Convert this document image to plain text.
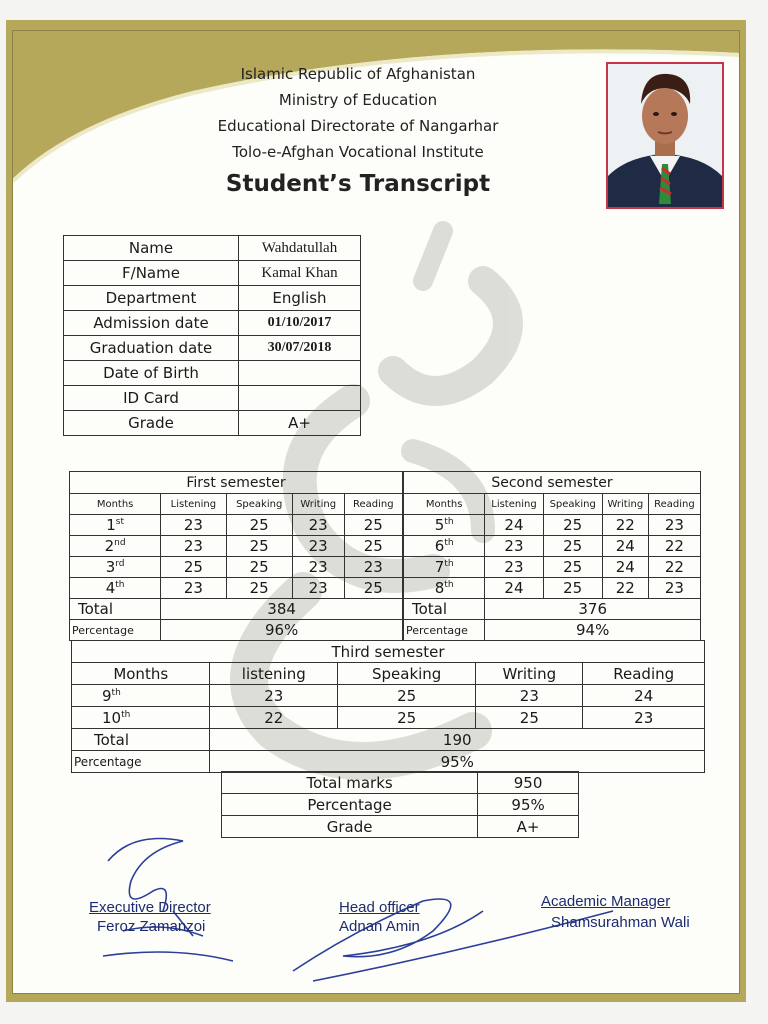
Islamic Republic of Afghanistan
Ministry of Education
Educational Directorate of Nangarhar
Tolo-e-Afghan Vocational Institute
Student’s Transcript
Name	Wahdatullah
F/Name	Kamal Khan
Department	English
Admission date	01/10/2017
Graduation date	30/07/2018
Date of Birth	
ID Card	
Grade	A+
First semester				
Months	Listening	Speaking	Writing	Reading
1st	23	25	23	25
2nd	23	25	23	25
3rd	25	25	23	23
4th	23	25	23	25
Total	384			
Percentage	96%			
Second semester				
Months	Listening	Speaking	Writing	Reading
5th	24	25	22	23
6th	23	25	24	22
7th	23	25	24	22
8th	24	25	22	23
Total	376			
Percentage	94%			
Third semester				
Months	listening	Speaking	Writing	Reading
9th	23	25	23	24
10th	22	25	25	23
Total	190			
Percentage	95%			
Total marks	950
Percentage	95%
Grade	A+
Executive Director
Feroz Zamanzoi
Head officer
Adnan Amin
Academic Manager
Shamsurahman Wali
